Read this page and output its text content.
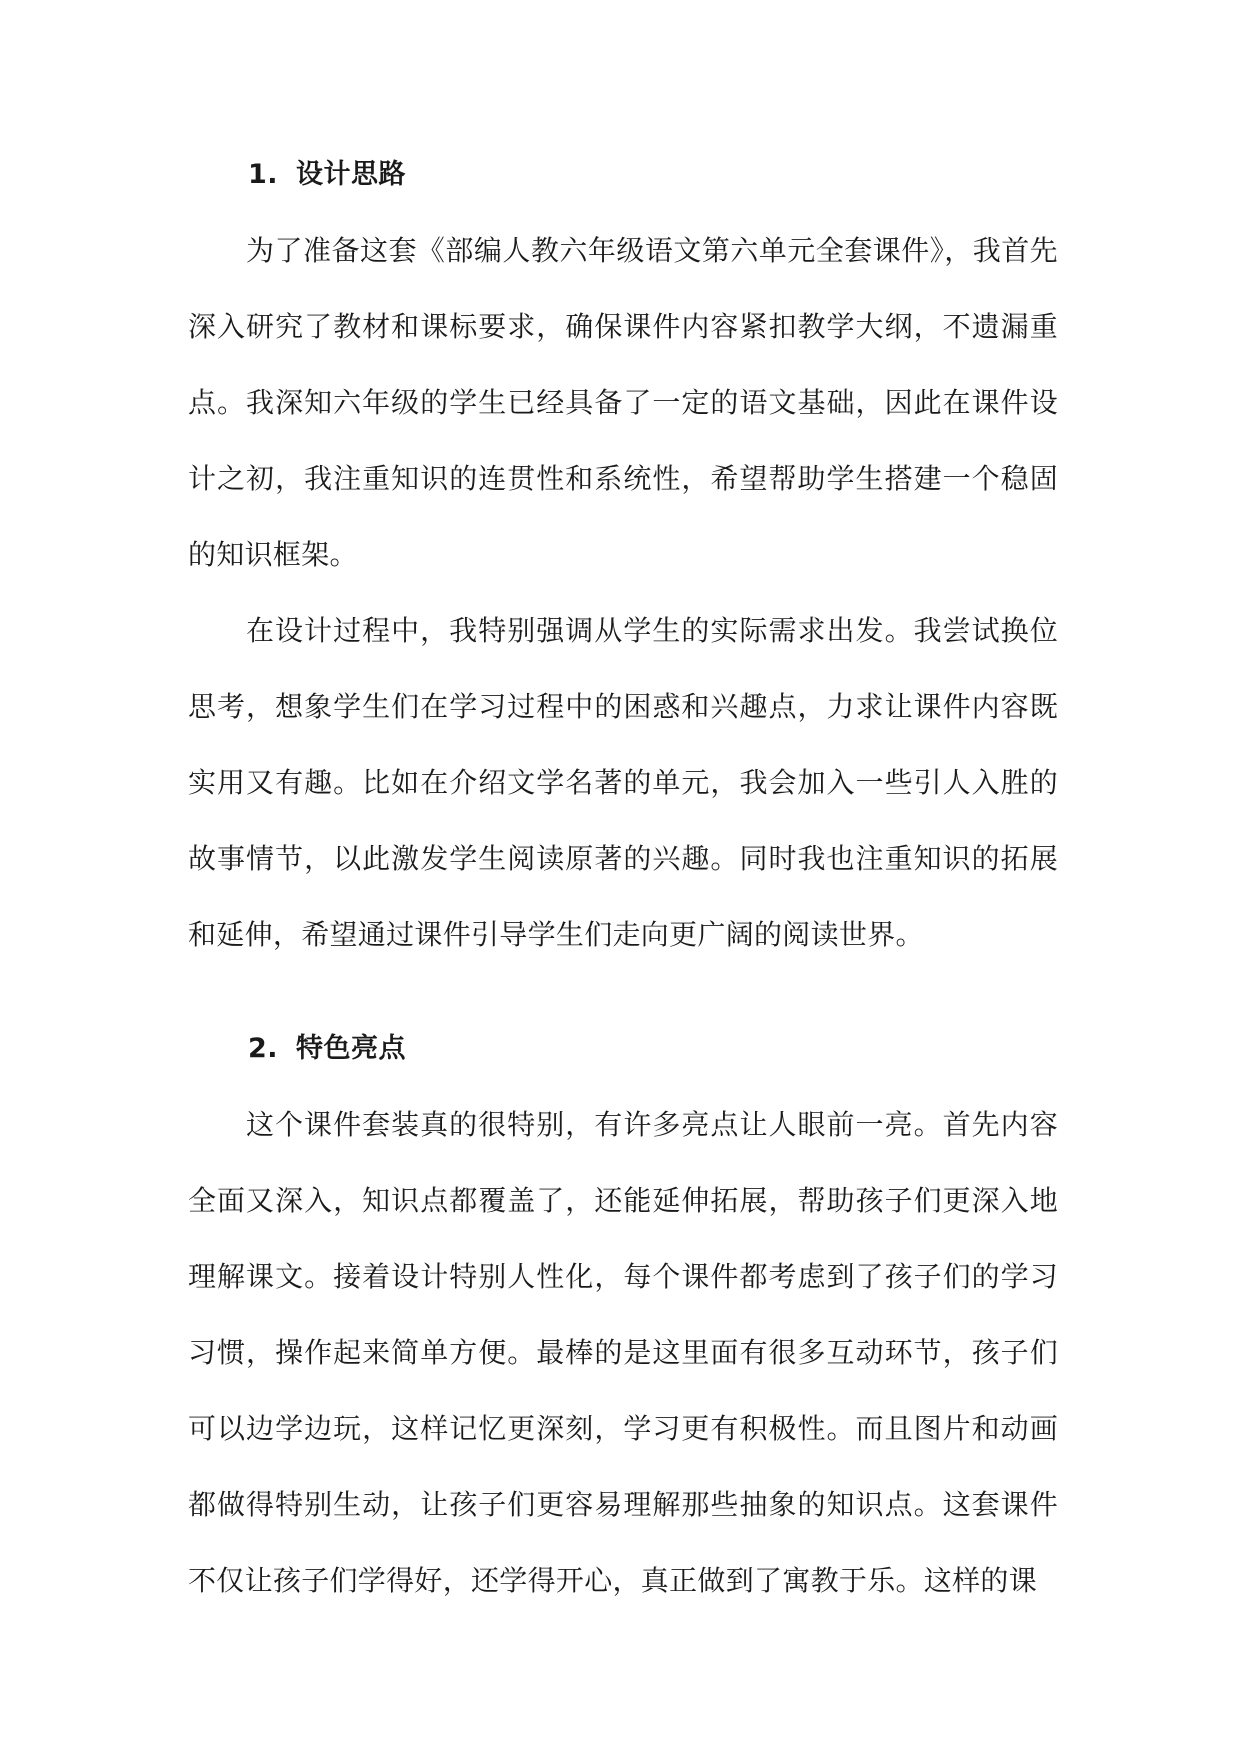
1. 设计思路

为了准备这套《部编人教六年级语文第六单元全套课件》，我首先深入研究了教材和课标要求，确保课件内容紧扣教学大纲，不遗漏重点。我深知六年级的学生已经具备了一定的语文基础，因此在课件设计之初，我注重知识的连贯性和系统性，希望帮助学生搭建一个稳固的知识框架。

在设计过程中，我特别强调从学生的实际需求出发。我尝试换位思考，想象学生们在学习过程中的困惑和兴趣点，力求让课件内容既实用又有趣。比如在介绍文学名著的单元，我会加入一些引人入胜的故事情节，以此激发学生阅读原著的兴趣。同时我也注重知识的拓展和延伸，希望通过课件引导学生们走向更广阔的阅读世界。

2. 特色亮点

这个课件套装真的很特别，有许多亮点让人眼前一亮。首先内容全面又深入，知识点都覆盖了，还能延伸拓展，帮助孩子们更深入地理解课文。接着设计特别人性化，每个课件都考虑到了孩子们的学习习惯，操作起来简单方便。最棒的是这里面有很多互动环节，孩子们可以边学边玩，这样记忆更深刻，学习更有积极性。而且图片和动画都做得特别生动，让孩子们更容易理解那些抽象的知识点。这套课件不仅让孩子们学得好，还学得开心，真正做到了寓教于乐。这样的课
